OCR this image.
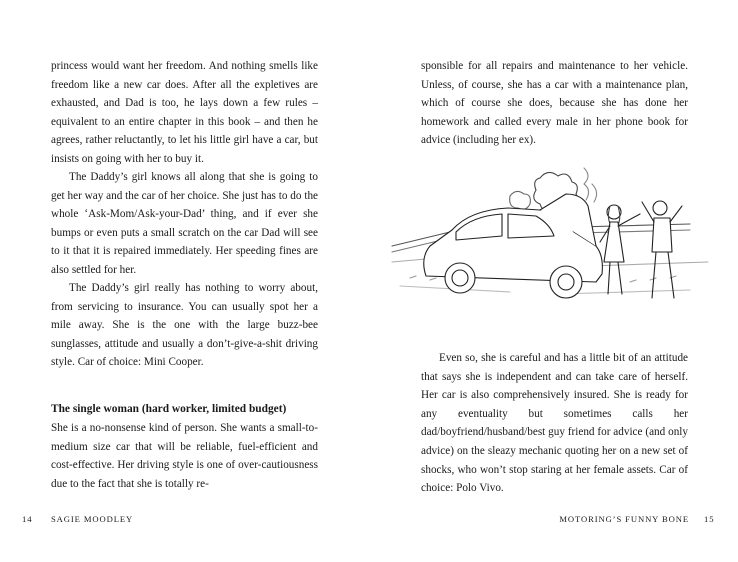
princess would want her freedom. And nothing smells like freedom like a new car does. After all the expletives are exhausted, and Dad is too, he lays down a few rules – equivalent to an entire chapter in this book – and then he agrees, rather reluctantly, to let his little girl have a car, but insists on going with her to buy it.

The Daddy’s girl knows all along that she is going to get her way and the car of her choice. She just has to do the whole ‘Ask-Mom/Ask-your-Dad’ thing, and if ever she bumps or even puts a small scratch on the car Dad will see to it that it is repaired immediately. Her speeding fines are also settled for her.

The Daddy’s girl really has nothing to worry about, from servicing to insurance. You can usually spot her a mile away. She is the one with the large buzz-bee sunglasses, attitude and usually a don’t-give-a-shit driving style. Car of choice: Mini Cooper.

The single woman (hard worker, limited budget)

She is a no-nonsense kind of person. She wants a small-to-medium size car that will be reliable, fuel-efficient and cost-effective. Her driving style is one of over-cautiousness due to the fact that she is totally re-

14 SAGIE MOODLEY

sponsible for all repairs and maintenance to her vehicle. Unless, of course, she has a car with a maintenance plan, which of course she does, because she has done her homework and called every male in her phone book for advice (including her ex).

Even so, she is careful and has a little bit of an attitude that says she is independent and can take care of herself. Her car is also comprehensively insured. She is ready for any eventuality but sometimes calls her dad/boyfriend/husband/best guy friend for advice (and only advice) on the sleazy mechanic quoting her on a new set of shocks, who won’t stop staring at her female assets. Car of choice: Polo Vivo.

MOTORING’S FUNNY BONE 15
